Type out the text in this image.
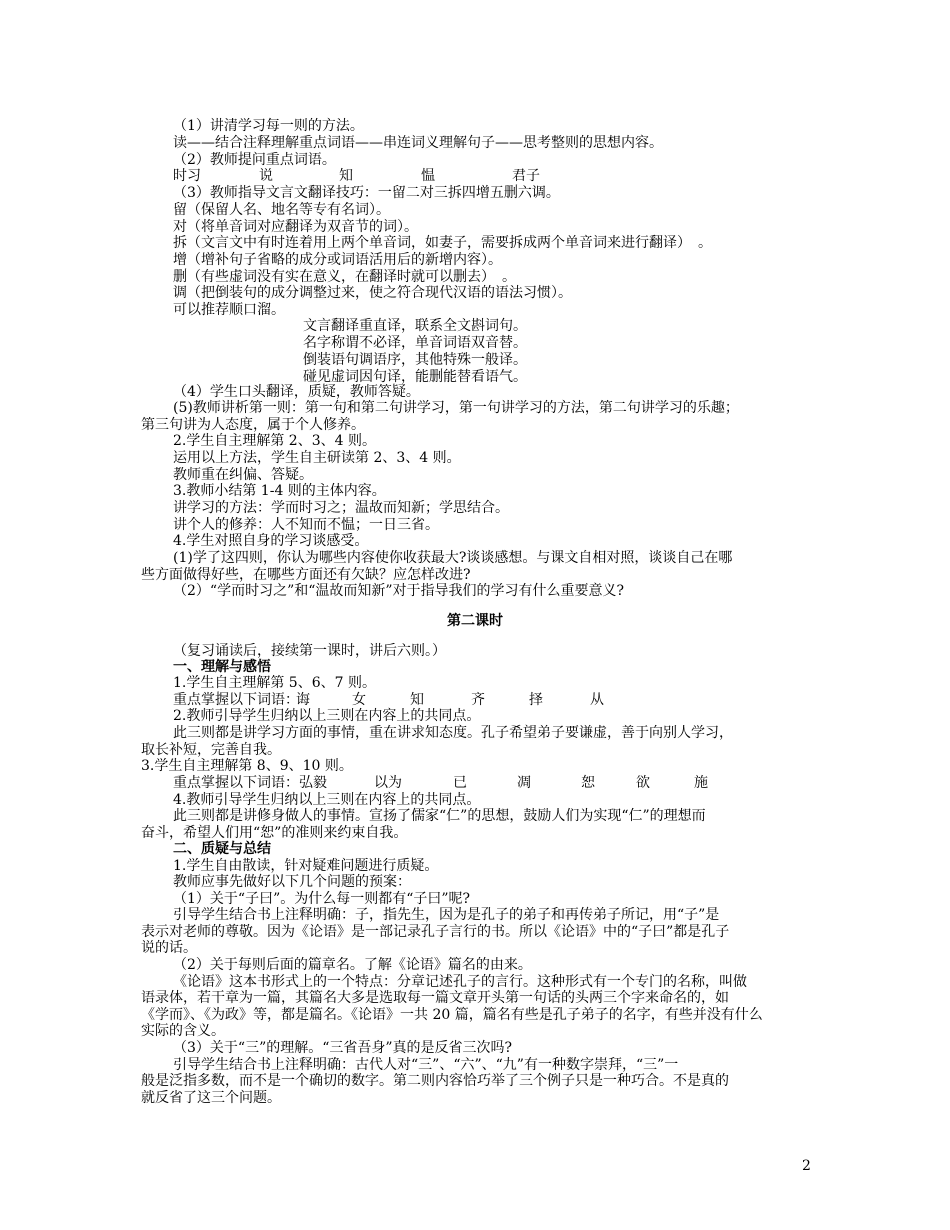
（1）讲清学习每一则的方法。
读——结合注释理解重点词语——串连词义理解句子——思考整则的思想内容。
（2）教师提问重点词语。
（3）教师指导文言文翻译技巧：一留二对三拆四增五删六调。
留（保留人名、地名等专有名词）。
对（将单音词对应翻译为双音节的词）。
拆（文言文中有时连着用上两个单音词，如妻子，需要拆成两个单音词来进行翻译）　。
增（增补句子省略的成分或词语活用后的新增内容）。
删（有些虚词没有实在意义，在翻译时就可以删去）　。
调（把倒装句的成分调整过来，使之符合现代汉语的语法习惯）。
可以推荐顺口溜。
时习	说	知	愠	君子
文言翻译重直译，联系全文斟词句。
名字称谓不必译，单音词语双音替。
倒装语句调语序，其他特殊一般译。
碰见虚词因句译，能删能替看语气。
（4）学生口头翻译，质疑，教师答疑。
(5)教师讲析第一则：第一句和第二句讲学习，第一句讲学习的方法，第二句讲学习的乐趣；
第三句讲为人态度，属于个人修养。
2.学生自主理解第 2、3、4 则。
运用以上方法，学生自主研读第 2、3、4 则。
教师重在纠偏、答疑。
3.教师小结第 1-4 则的主体内容。
讲学习的方法：学而时习之；温故而知新；学思结合。
讲个人的修养：人不知而不愠；一日三省。
4.学生对照自身的学习谈感受。
(1)学了这四则，你认为哪些内容使你收获最大?谈谈感想。与课文自相对照，谈谈自己在哪
些方面做得好些，在哪些方面还有欠缺？应怎样改进?
（2）“学而时习之”和“温故而知新”对于指导我们的学习有什么重要意义?
第二课时
（复习诵读后，接续第一课时，讲后六则。）
一、理解与感悟
1.学生自主理解第 5、6、7 则。
重点掌握以下词语：
诲	女	知	齐	择	从
2.教师引导学生归纳以上三则在内容上的共同点。
此三则都是讲学习方面的事情，重在讲求知态度。孔子希望弟子要谦虚，善于向别人学习，
取长补短，完善自我。
3.学生自主理解第 8、9、10 则。
重点掌握以下词语： 弘毅	以为	已	凋	恕	欲	施
4.教师引导学生归纳以上三则在内容上的共同点。
此三则都是讲修身做人的事情。宣扬了儒家“仁”的思想，鼓励人们为实现“仁”的理想而
奋斗，希望人们用“恕”的准则来约束自我。
二、质疑与总结
1.学生自由散读，针对疑难问题进行质疑。
教师应事先做好以下几个问题的预案：
（1）关于“子曰”。为什么每一则都有“子曰”呢?
引导学生结合书上注释明确：子，指先生，因为是孔子的弟子和再传弟子所记，用“子”是
表示对老师的尊敬。因为《论语》是一部记录孔子言行的书。所以《论语》中的“子曰”都是孔子
说的话。
（2）关于每则后面的篇章名。了解《论语》篇名的由来。
《论语》这本书形式上的一个特点：分章记述孔子的言行。这种形式有一个专门的名称，叫做
语录体，若干章为一篇，其篇名大多是选取每一篇文章开头第一句话的头两三个字来命名的，如
《学而》、《为政》等，都是篇名。《论语》一共 20 篇，篇名有些是孔子弟子的名字，有些并没有什么
实际的含义。
（3）关于“三”的理解。“三省吾身”真的是反省三次吗?
引导学生结合书上注释明确：古代人对“三”、“六”、“九”有一种数字崇拜，“三”一
般是泛指多数，而不是一个确切的数字。第二则内容恰巧举了三个例子只是一种巧合。不是真的
就反省了这三个问题。
2
